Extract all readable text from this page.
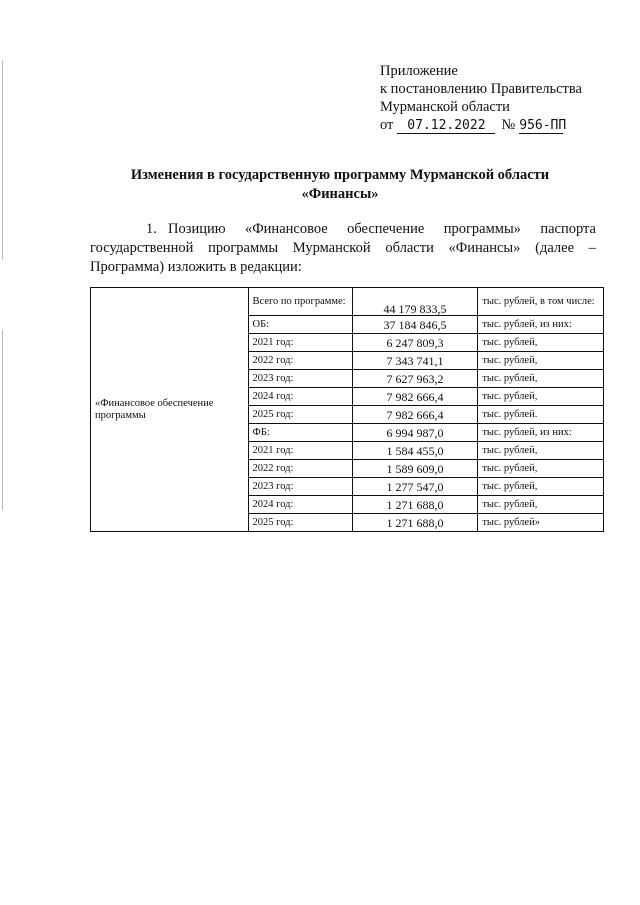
Приложение
к постановлению Правительства
Мурманской области
от 07.12.2022 № 956-ПП
Изменения в государственную программу Мурманской области
«Финансы»
1. Позицию «Финансовое обеспечение программы» паспорта государственной программы Мурманской области «Финансы» (далее – Программа) изложить в редакции:
«Финансовое обеспечение программы	Всего по программе:	44 179 833,5	тыс. рублей, в том числе:
	ОБ:	37 184 846,5	тыс. рублей, из них:
	2021 год:	6 247 809,3	тыс. рублей,
	2022 год:	7 343 741,1	тыс. рублей,
	2023 год:	7 627 963,2	тыс. рублей,
	2024 год:	7 982 666,4	тыс. рублей,
	2025 год:	7 982 666,4	тыс. рублей.
	ФБ:	6 994 987,0	тыс. рублей, из них:
	2021 год:	1 584 455,0	тыс. рублей,
	2022 год:	1 589 609,0	тыс. рублей,
	2023 год:	1 277 547,0	тыс. рублей,
	2024 год:	1 271 688,0	тыс. рублей,
	2025 год:	1 271 688,0	тыс. рублей»
